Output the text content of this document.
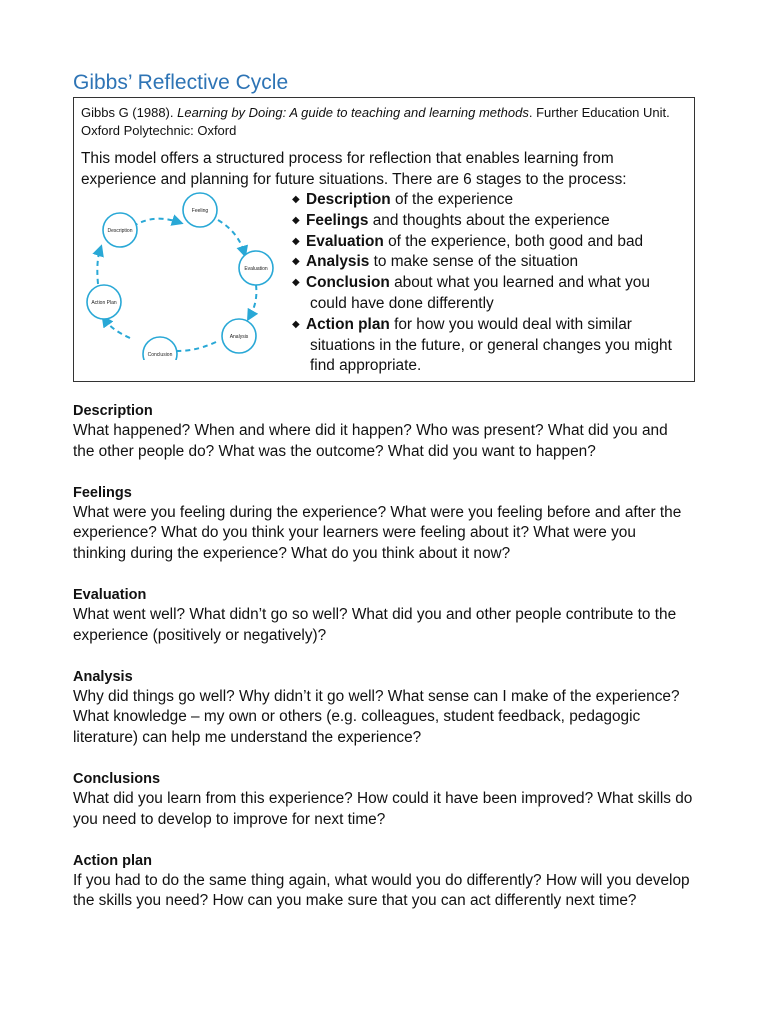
Gibbs’ Reflective Cycle

Gibbs G (1988). Learning by Doing: A guide to teaching and learning methods. Further Education Unit. Oxford Polytechnic: Oxford

This model offers a structured process for reflection that enables learning from experience and planning for future situations. There are 6 stages to the process:

Feeling
Description
Evaluation
Action Plan
Analysis
Conclusion
◆ Description of the experience
◆ Feelings and thoughts about the experience
◆ Evaluation of the experience, both good and bad
◆ Analysis to make sense of the situation
◆ Conclusion about what you learned and what you
could have done differently
◆ Action plan for how you would deal with similar
situations in the future, or general changes you might find appropriate.
Description

What happened? When and where did it happen? Who was present? What did you and the other people do? What was the outcome? What did you want to happen?

Feelings

What were you feeling during the experience? What were you feeling before and after the experience? What do you think your learners were feeling about it? What were you thinking during the experience? What do you think about it now?

Evaluation

What went well? What didn’t go so well? What did you and other people contribute to the experience (positively or negatively)?

Analysis

Why did things go well? Why didn’t it go well? What sense can I make of the experience? What knowledge – my own or others (e.g. colleagues, student feedback, pedagogic literature) can help me understand the experience?

Conclusions

What did you learn from this experience? How could it have been improved? What skills do you need to develop to improve for next time?

Action plan

If you had to do the same thing again, what would you do differently? How will you develop the skills you need? How can you make sure that you can act differently next time?
